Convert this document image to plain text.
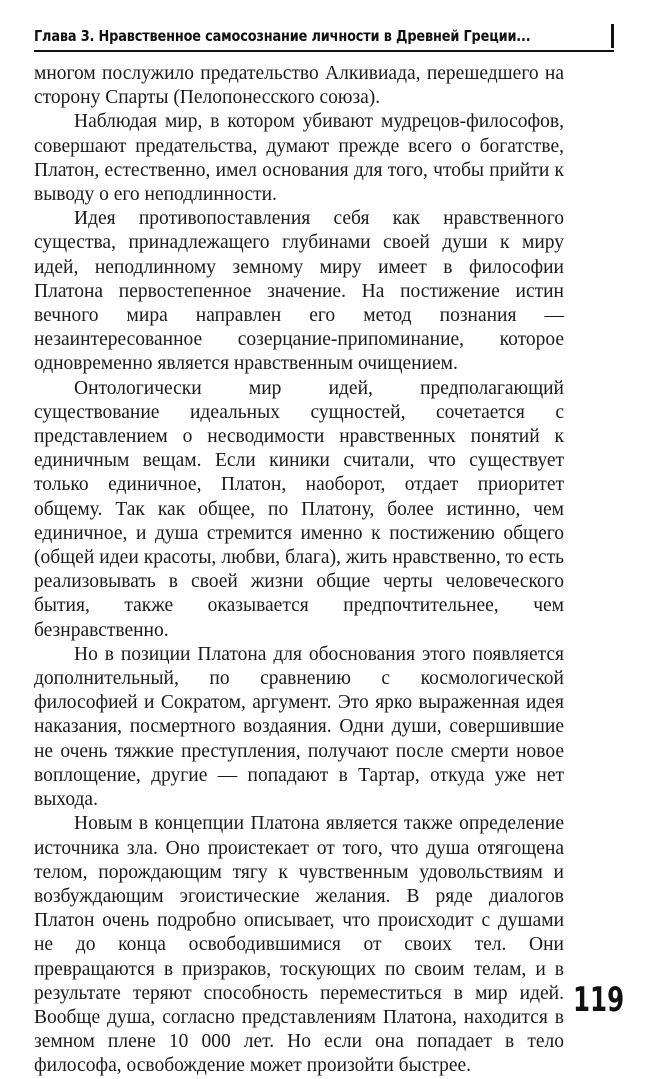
Глава 3. Нравственное самосознание личности в Древней Греции...

многом послужило предательство Алкивиада, перешедшего на сторону Спарты (Пелопонесского союза).

Наблюдая мир, в котором убивают мудрецов-философов, совершают предательства, думают прежде всего о богатстве, Платон, естественно, имел основания для того, чтобы прийти к выводу о его неподлинности.

Идея противопоставления себя как нравственного существа, принадлежащего глубинами своей души к миру идей, неподлинному земному миру имеет в философии Платона первостепенное значение. На постижение истин вечного мира направлен его метод познания — незаинтересованное созерцание-припоминание, которое одновременно является нравственным очищением.

Онтологически мир идей, предполагающий существование идеальных сущностей, сочетается с представлением о несводимости нравственных понятий к единичным вещам. Если киники считали, что существует только единичное, Платон, наоборот, отдает приоритет общему. Так как общее, по Платону, более истинно, чем единичное, и душа стремится именно к постижению общего (общей идеи красоты, любви, блага), жить нравственно, то есть реализовывать в своей жизни общие черты человеческого бытия, также оказывается предпочтительнее, чем безнравственно.

Но в позиции Платона для обоснования этого появляется дополнительный, по сравнению с космологической философией и Сократом, аргумент. Это ярко выраженная идея наказания, посмертного воздаяния. Одни души, совершившие не очень тяжкие преступления, получают после смерти новое воплощение, другие — попадают в Тартар, откуда уже нет выхода.

Новым в концепции Платона является также определение источника зла. Оно проистекает от того, что душа отягощена телом, порождающим тягу к чувственным удовольствиям и возбуждающим эгоистические желания. В ряде диалогов Платон очень подробно описывает, что происходит с душами не до конца освободившимися от своих тел. Они превращаются в призраков, тоскующих по своим телам, и в результате теряют способность переместиться в мир идей. Вообще душа, согласно представлениям Платона, находится в земном плене 10 000 лет. Но если она попадает в тело философа, освобождение может произойти быстрее.

119
